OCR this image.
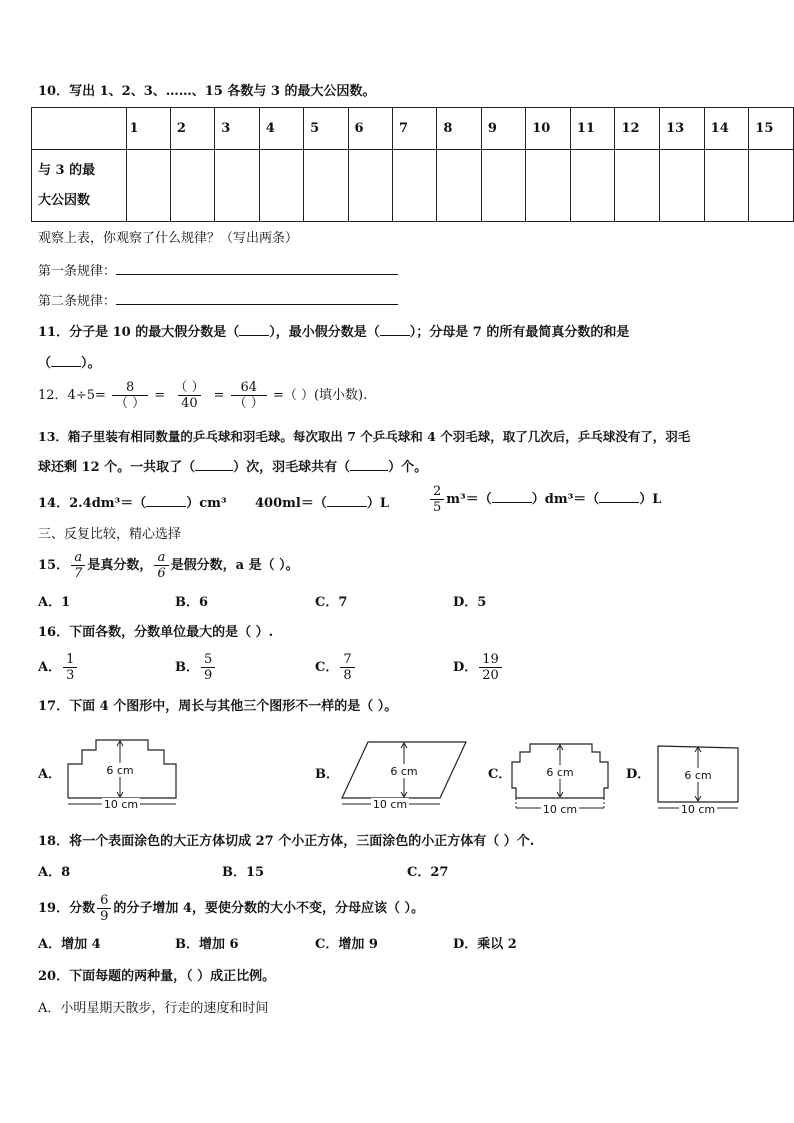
10．写出 1、2、3、……、15 各数与 3 的最大公因数。
	1	2	3	4	5	6	7	8	9	10	11	12	13	14	15

与 3 的最
大公因数															

观察上表，你观察了什么规律？（写出两条）
第一条规律：
第二条规律：
11．分子是 10 的最大假分数是（ ），最小假分数是（ ）；分母是 7 的所有最简真分数的和是
（ ）。
12．$4\div 5= \frac{8}{( )} = \frac{( )}{40} = \frac{64}{( )}$ =（ ）(填小数).
13．箱子里装有相同数量的乒乓球和羽毛球。每次取出 7 个乒乓球和 4 个羽毛球，取了几次后，乒乓球没有了，羽毛
球还剩 12 个。一共取了（	）次，羽毛球共有（	）个。
14．2.4dm³＝（	）cm³ 400ml＝（	）L	$\frac{2}{5} m^3=$（	）dm³＝（	）L
三、反复比较，精心选择
15． $\frac{a}{7}$ 是真分数， $\frac{a}{6}$ 是假分数，a 是（ ）。
A．1	B．6	C．7	D．5
16．下面各数，分数单位最大的是（ ）.
A． $\frac{1}{3}$	B． $\frac{5}{9}$	C． $\frac{7}{8}$	D． $\frac{19}{20}$
17．下面 4 个图形中，周长与其他三个图形不一样的是（ ）。
A．	6 cm
10 cm
B．	6 cm
10 cm
C．	6 cm
10 cm
D．	6 cm
10 cm
18．将一个表面涂色的大正方体切成 27 个小正方体，三面涂色的小正方体有（ ）个.
A．8	B．15	C．27
19．分数 $\frac{6}{9}$ 的分子增加 4，要使分数的大小不变，分母应该（ ）。
A．增加 4	B．增加 6	C．增加 9	D．乘以 2
20．下面每题的两种量，（ ）成正比例。
A．小明星期天散步，行走的速度和时间
